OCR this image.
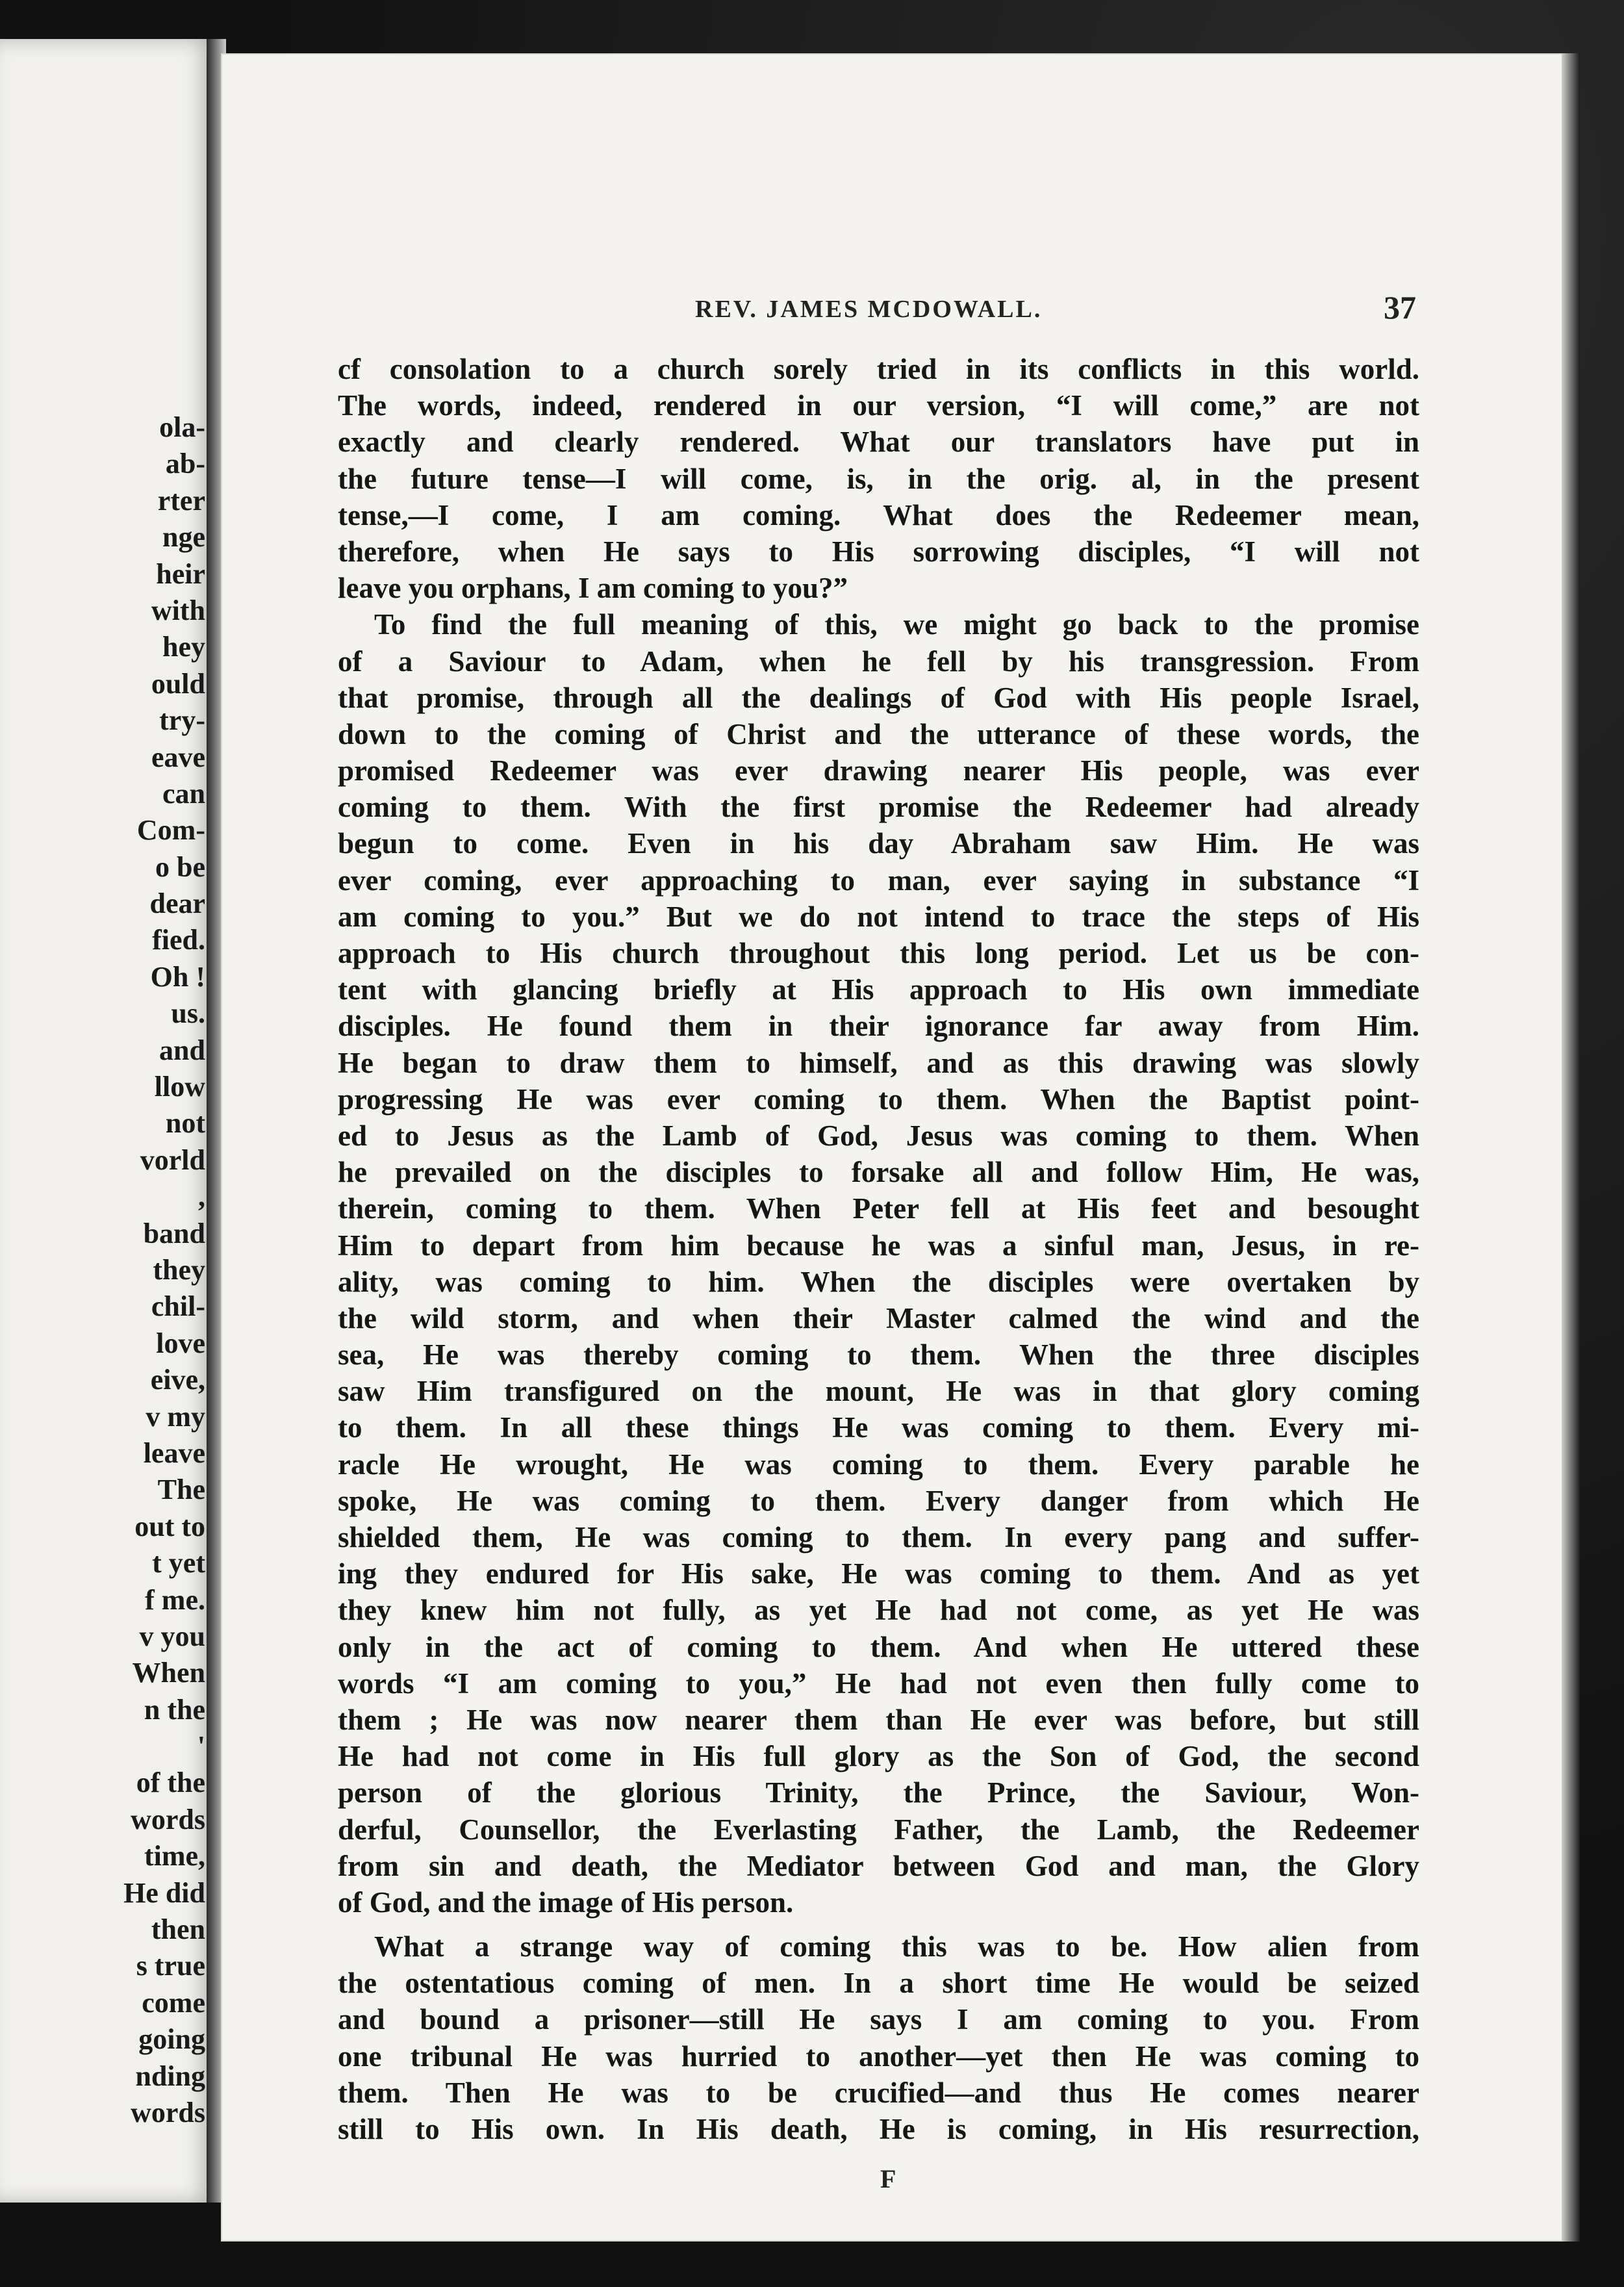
ola-
ab-
rter
nge
heir
with
hey
ould
try-
eave
can
Com-
o be
dear
fied.
Oh !
us.
and
llow
not
vorld
,
band
they
chil-
love
eive,
v my
leave
The
out to
t yet
f me.
v you
When
n the
'
of the
words
time,
He did
then
s true
come
going
nding
words
REV. JAMES MCDOWALL.	37
cf consolation to a church sorely tried in its conflicts in this world.
The words, indeed, rendered in our version, “I will come,” are not
exactly and clearly rendered. What our translators have put in
the future tense—I will come, is, in the orig. al, in the present
tense,—I come, I am coming. What does the Redeemer mean,
therefore, when He says to His sorrowing disciples, “I will not
leave you orphans, I am coming to you?”
To find the full meaning of this, we might go back to the promise
of a Saviour to Adam, when he fell by his transgression. From
that promise, through all the dealings of God with His people Israel,
down to the coming of Christ and the utterance of these words, the
promised Redeemer was ever drawing nearer His people, was ever
coming to them. With the first promise the Redeemer had already
begun to come. Even in his day Abraham saw Him. He was
ever coming, ever approaching to man, ever saying in substance “I
am coming to you.” But we do not intend to trace the steps of His
approach to His church throughout this long period. Let us be con-
tent with glancing briefly at His approach to His own immediate
disciples. He found them in their ignorance far away from Him.
He began to draw them to himself, and as this drawing was slowly
progressing He was ever coming to them. When the Baptist point-
ed to Jesus as the Lamb of God, Jesus was coming to them. When
he prevailed on the disciples to forsake all and follow Him, He was,
therein, coming to them. When Peter fell at His feet and besought
Him to depart from him because he was a sinful man, Jesus, in re-
ality, was coming to him. When the disciples were overtaken by
the wild storm, and when their Master calmed the wind and the
sea, He was thereby coming to them. When the three disciples
saw Him transfigured on the mount, He was in that glory coming
to them. In all these things He was coming to them. Every mi-
racle He wrought, He was coming to them. Every parable he
spoke, He was coming to them. Every danger from which He
shielded them, He was coming to them. In every pang and suffer-
ing they endured for His sake, He was coming to them. And as yet
they knew him not fully, as yet He had not come, as yet He was
only in the act of coming to them. And when He uttered these
words “I am coming to you,” He had not even then fully come to
them ; He was now nearer them than He ever was before, but still
He had not come in His full glory as the Son of God, the second
person of the glorious Trinity, the Prince, the Saviour, Won-
derful, Counsellor, the Everlasting Father, the Lamb, the Redeemer
from sin and death, the Mediator between God and man, the Glory
of God, and the image of His person.
What a strange way of coming this was to be. How alien from
the ostentatious coming of men. In a short time He would be seized
and bound a prisoner—still He says I am coming to you. From
one tribunal He was hurried to another—yet then He was coming to
them. Then He was to be crucified—and thus He comes nearer
still to His own. In His death, He is coming, in His resurrection,
F
